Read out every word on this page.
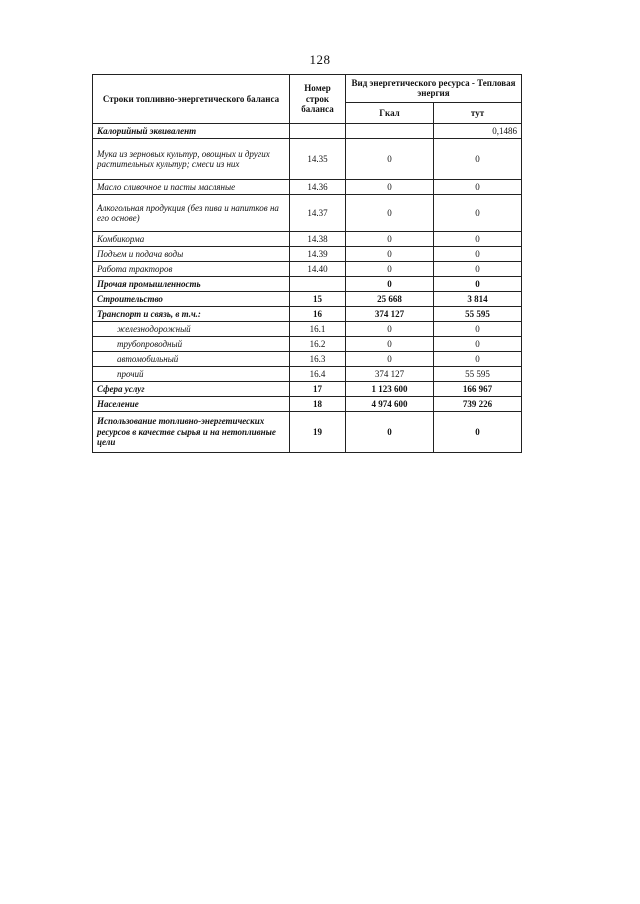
128
Строки топливно-энергетического баланса	Номер строк баланса	Вид энергетического ресурса - Тепловая энергия	
		Гкал	тут
Калорийный эквивалент			0,1486
Мука из зерновых культур, овощных и других растительных культур; смеси из них	14.35	0	0
Масло сливочное и пасты масляные	14.36	0	0
Алкогольная продукция (без пива и напитков на его основе)	14.37	0	0
Комбикорма	14.38	0	0
Подъем и подача воды	14.39	0	0
Работа тракторов	14.40	0	0
Прочая промышленность		0	0
Строительство	15	25 668	3 814
Транспорт и связь, в т.ч.:	16	374 127	55 595
железнодорожный	16.1	0	0
трубопроводный	16.2	0	0
автомобильный	16.3	0	0
прочий	16.4	374 127	55 595
Сфера услуг	17	1 123 600	166 967
Население	18	4 974 600	739 226
Использование топливно-энергетических ресурсов в качестве сырья и на нетопливные цели	19	0	0
